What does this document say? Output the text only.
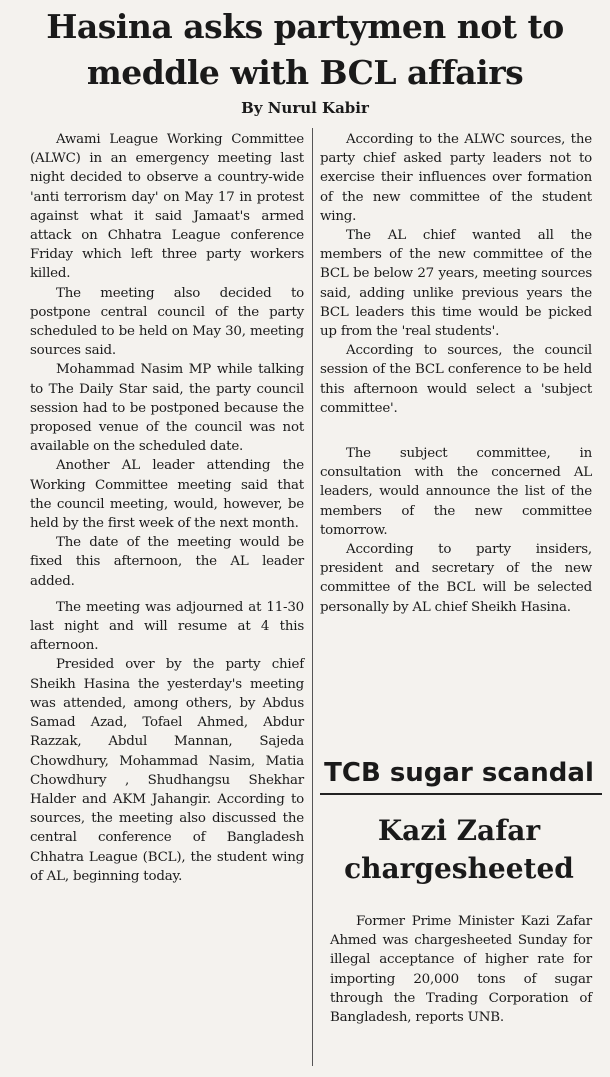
Hasina asks partymen not to
meddle with BCL affairs
By Nurul Kabir

Awami League Working Committee (ALWC) in an emergency meeting last night decided to observe a country-wide 'anti terrorism day' on May 17 in protest against what it said Jamaat's armed attack on Chhatra League conference Friday which left three party workers killed.

The meeting also decided to postpone central council of the party scheduled to be held on May 30, meeting sources said.

Mohammad Nasim MP while talking to The Daily Star said, the party council session had to be postponed because the proposed venue of the council was not available on the scheduled date.

Another AL leader attending the Working Committee meeting said that the council meeting, would, however, be held by the first week of the next month.

The date of the meeting would be fixed this afternoon, the AL leader added.

The meeting was adjourned at 11-30 last night and will resume at 4 this afternoon.

Presided over by the party chief Sheikh Hasina the yesterday's meeting was attended, among others, by Abdus Samad Azad, Tofael Ahmed, Abdur Razzak, Abdul Mannan, Sajeda Chowdhury, Mohammad Nasim, Matia Chowdhury , Shudhangsu Shekhar Halder and AKM Jahangir. According to sources, the meeting also discussed the central conference of Bangladesh Chhatra League (BCL), the student wing of AL, beginning today.

According to the ALWC sources, the party chief asked party leaders not to exercise their influences over formation of the new committee of the student wing.

The AL chief wanted all the members of the new committee of the BCL be below 27 years, meeting sources said, adding unlike previous years the BCL leaders this time would be picked up from the 'real students'.

According to sources, the council session of the BCL conference to be held this afternoon would select a 'subject committee'.

The subject committee, in consultation with the concerned AL leaders, would announce the list of the members of the new committee tomorrow.

According to party insiders, president and secretary of the new committee of the BCL will be selected personally by AL chief Sheikh Hasina.

TCB sugar scandal
Kazi Zafar
chargesheeted

Former Prime Minister Kazi Zafar Ahmed was chargesheeted Sunday for illegal acceptance of higher rate for importing 20,000 tons of sugar through the Trading Corporation of Bangladesh, reports UNB.
